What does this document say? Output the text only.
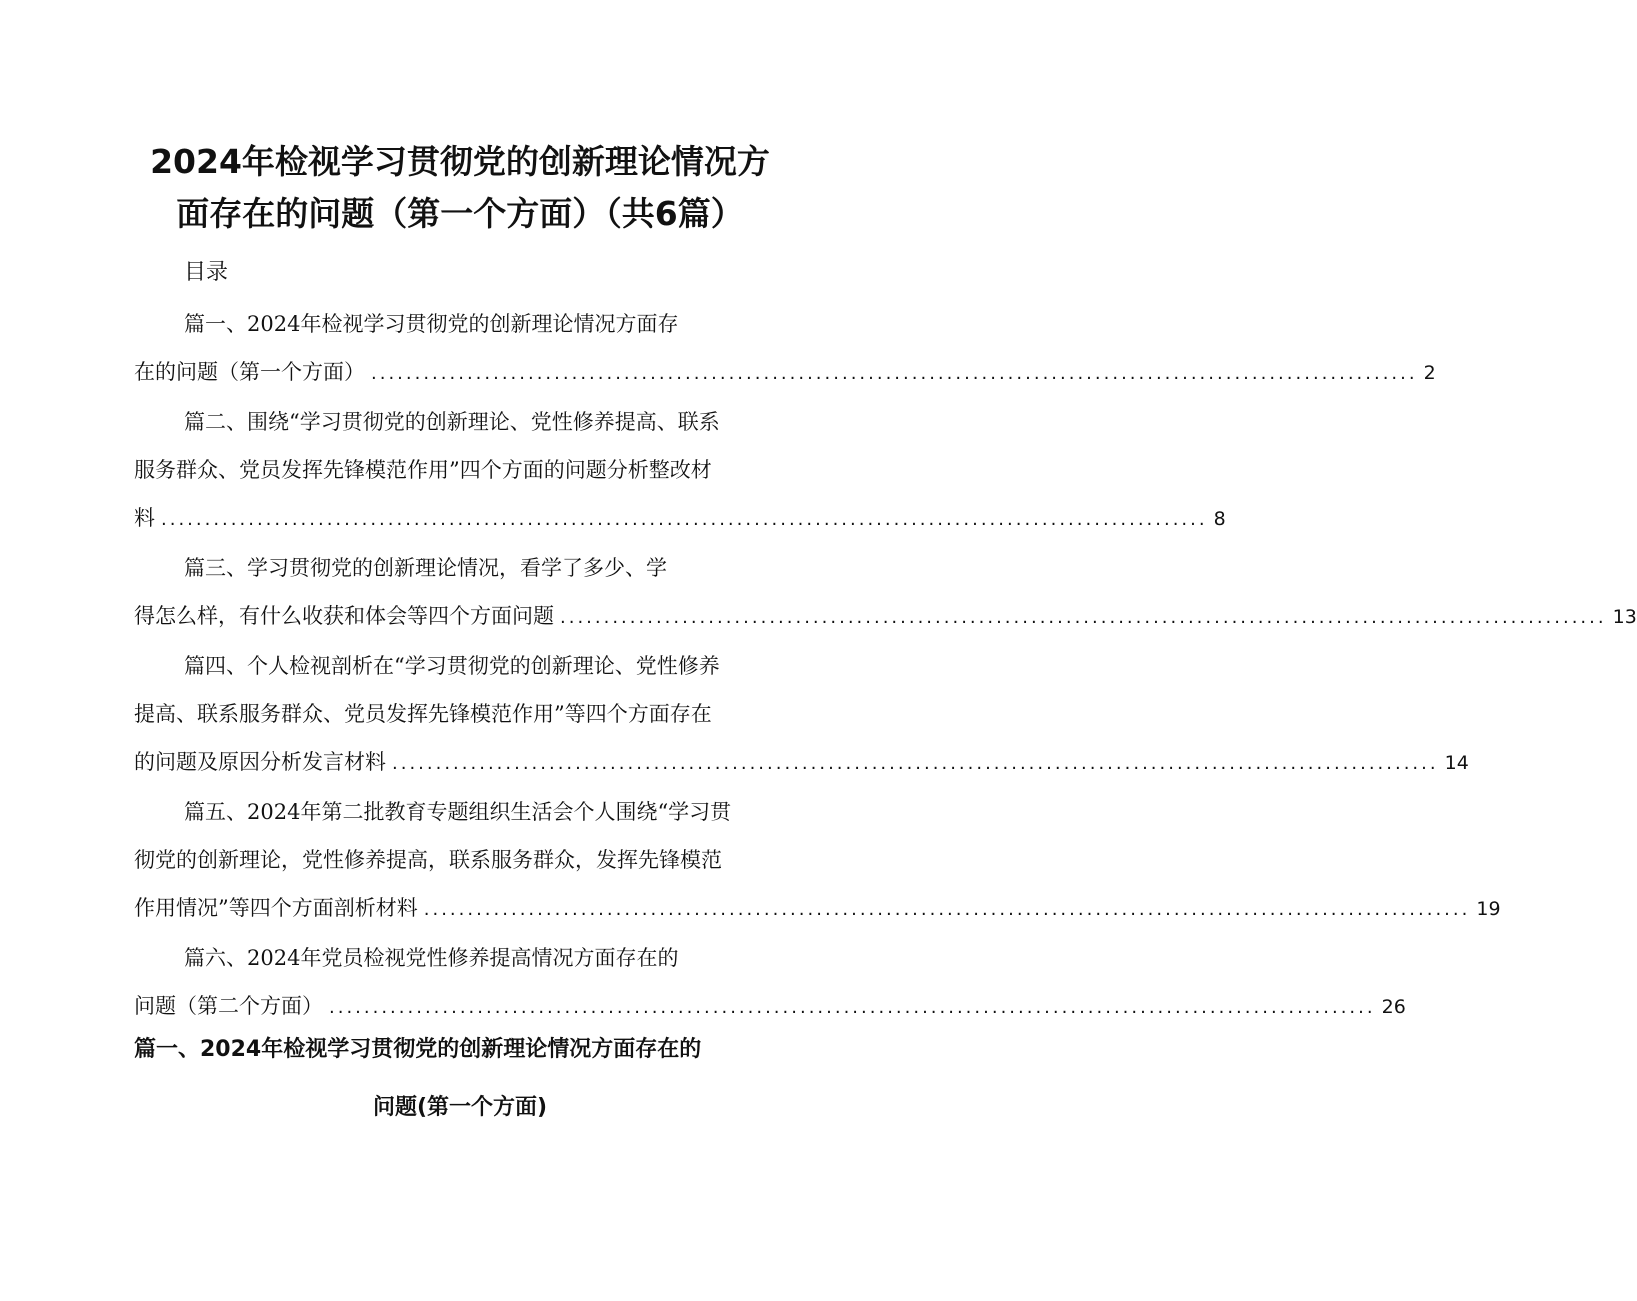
2024年检视学习贯彻党的创新理论情况方
面存在的问题（第一个方面）（共6篇）
目录
篇一、2024年检视学习贯彻党的创新理论情况方面存
在的问题（第一个方面） ........................................................................................................................ 2
篇二、围绕“学习贯彻党的创新理论、党性修养提高、联系
服务群众、党员发挥先锋模范作用”四个方面的问题分析整改材
料 ........................................................................................................................ 8
篇三、学习贯彻党的创新理论情况，看学了多少、学
得怎么样，有什么收获和体会等四个方面问题 ........................................................................................................................ 13
篇四、个人检视剖析在“学习贯彻党的创新理论、党性修养
提高、联系服务群众、党员发挥先锋模范作用”等四个方面存在
的问题及原因分析发言材料 ........................................................................................................................ 14
篇五、2024年第二批教育专题组织生活会个人围绕“学习贯
彻党的创新理论，党性修养提高，联系服务群众，发挥先锋模范
作用情况”等四个方面剖析材料 ........................................................................................................................ 19
篇六、2024年党员检视党性修养提高情况方面存在的
问题（第二个方面） ........................................................................................................................ 26
篇一、2024年检视学习贯彻党的创新理论情况方面存在的
问题(第一个方面)
